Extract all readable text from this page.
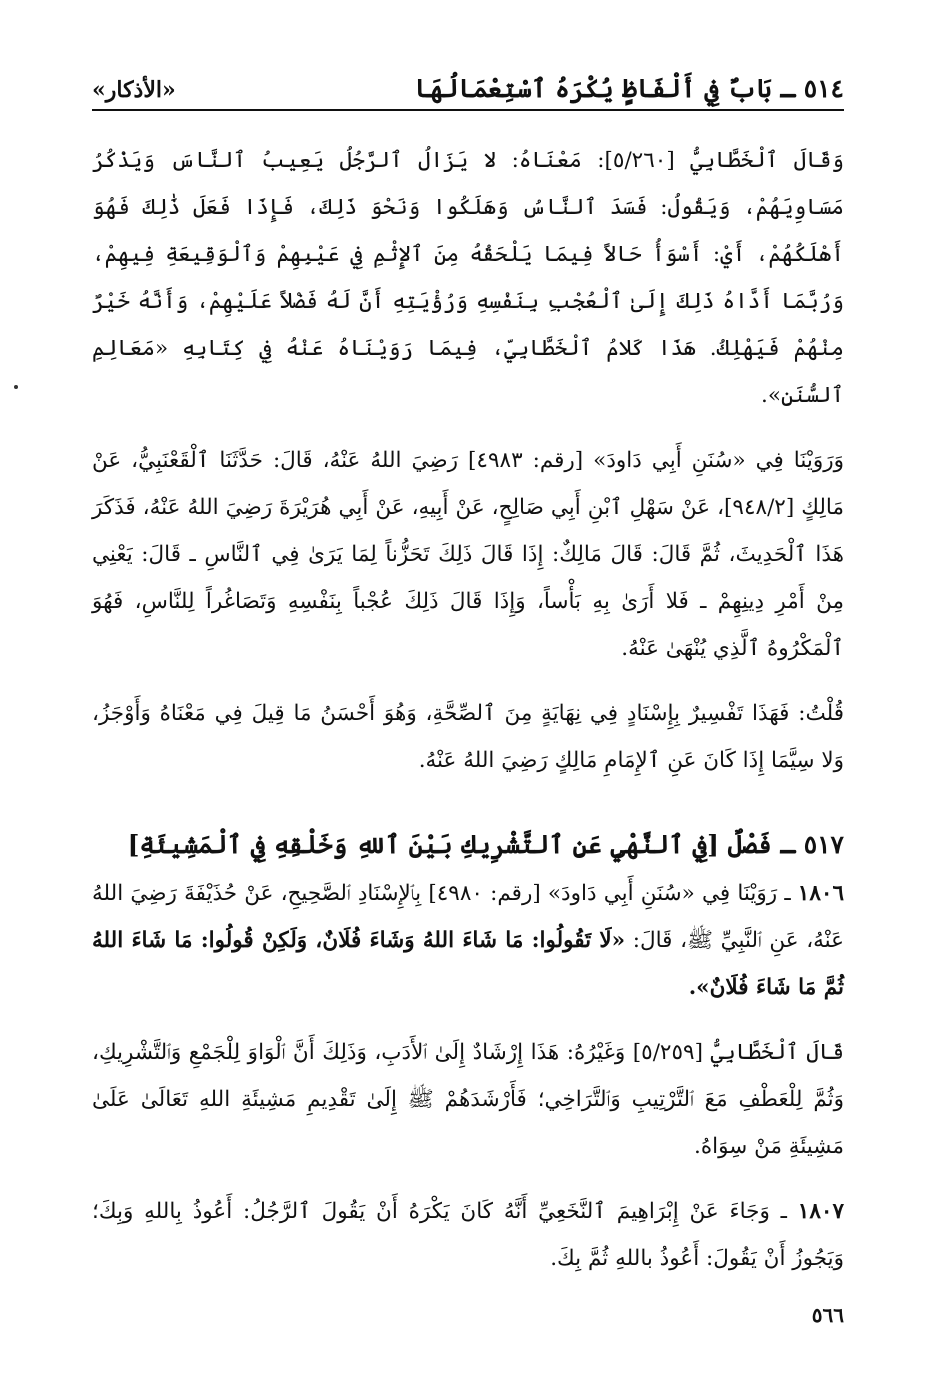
٥١٤ ـ بَابٌ فِي أَلْفَاظٍ يُكْرَهُ ٱسْتِعْمَالُهَا
«الأذكار»

وَقَالَ ٱلْخَطَّابِيُّ [٥/٢٦٠]: مَعْنَاهُ: لا يَزَالُ ٱلرَّجُلُ يَعِيبُ ٱلنَّاسَ وَيَذْكُرُ مَسَاوِيَهُمْ، وَيَقُولُ: فَسَدَ ٱلنَّاسُ وَهَلَكُوا وَنَحْوَ ذَلِكَ، فَإِذَا فَعَلَ ذَٰلِكَ فَهُوَ أَهْلَكُهُمْ، أَيْ: أَسْوَأُ حَالاً فِيمَا يَلْحَقُهُ مِنَ ٱلإِثْمِ فِي عَيْبِهِمْ وَٱلْوَقِيعَةِ فِيهِمْ، وَرُبَّمَا أَدَّاهُ ذَلِكَ إِلَىٰ ٱلْعُجْبِ بِنَفْسِهِ وَرُؤْيَتِهِ أَنَّ لَهُ فَضْلاً عَلَيْهِمْ، وَأَنَّهُ خَيْرٌ مِنْهُمْ فَيَهْلِكُ. هَذَا كَلامُ ٱلْخَطَّابِيِّ، فِيمَا رَوَيْنَاهُ عَنْهُ فِي كِتَابِهِ «مَعَالِمِ ٱلسُّنَنِ».

وَرَوَيْنَا فِي «سُنَنِ أَبِي دَاودَ» [رقم: ٤٩٨٣] رَضِيَ اللهُ عَنْهُ، قَالَ: حَدَّثَنَا ٱلْقَعْنَبِيُّ، عَنْ مَالِكٍ [٩٤٨/٢]، عَنْ سَهْلِ ٱبْنِ أَبِي صَالِحٍ، عَنْ أَبِيهِ، عَنْ أَبِي هُرَيْرَةَ رَضِيَ اللهُ عَنْهُ، فَذَكَرَ هَذَا ٱلْحَدِيثَ، ثُمَّ قَالَ: قَالَ مَالِكٌ: إِذَا قَالَ ذَلِكَ تَحَزُّناً لِمَا يَرَىٰ فِي ٱلنَّاسِ ـ قَالَ: يَعْنِي مِنْ أَمْرِ دِينِهِمْ ـ فَلا أَرَىٰ بِهِ بَأْساً، وَإِذَا قَالَ ذَلِكَ عُجْباً بِنَفْسِهِ وَتَصَاغُراً لِلنَّاسِ، فَهُوَ ٱلْمَكْرُوهُ ٱلَّذِي يُنْهَىٰ عَنْهُ.

قُلْتُ: فَهَذَا تَفْسِيرٌ بِإِسْنَادٍ فِي نِهَايَةٍ مِنَ ٱلصِّحَّةِ، وَهُوَ أَحْسَنُ مَا قِيلَ فِي مَعْنَاهُ وَأَوْجَزُ، وَلا سِيَّمَا إِذَا كَانَ عَنِ ٱلإِمَامِ مَالِكٍ رَضِيَ اللهُ عَنْهُ.

٥١٧ ـ فَصْلٌ [فِي ٱلنَّهْيِ عَنِ ٱلتَّشْرِيكِ بَيْنَ ٱللهِ وَخَلْقِهِ فِي ٱلْمَشِيئَةِ]

١٨٠٦ ـ رَوَيْنَا فِي «سُنَنِ أَبِي دَاودَ» [رقم: ٤٩٨٠] بِٱلإِسْنَادِ ٱلصَّحِيحِ، عَنْ حُذَيْفَةَ رَضِيَ اللهُ عَنْهُ، عَنِ ٱلنَّبِيِّ ﷺ، قَالَ: «لَا تَقُولُوا: مَا شَاءَ اللهُ وَشَاءَ فُلَانٌ، وَلَكِنْ قُولُوا: مَا شَاءَ اللهُ ثُمَّ مَا شَاءَ فُلَانٌ».

قَالَ ٱلْخَطَّابِيُّ [٥/٢٥٩] وَغَيْرُهُ: هَذَا إِرْشَادٌ إِلَىٰ ٱلأَدَبِ، وَذَلِكَ أَنَّ ٱلْوَاوَ لِلْجَمْعِ وَٱلتَّشْرِيكِ، وَثُمَّ لِلْعَطْفِ مَعَ ٱلتَّرْتِيبِ وَٱلتَّرَاخِي؛ فَأَرْشَدَهُمْ ﷺ إِلَىٰ تَقْدِيمِ مَشِيئَةِ اللهِ تَعَالَىٰ عَلَىٰ مَشِيئَةِ مَنْ سِوَاهُ.

١٨٠٧ ـ وَجَاءَ عَنْ إِبْرَاهِيمَ ٱلنَّخَعِيِّ أَنَّهُ كَانَ يَكْرَهُ أَنْ يَقُولَ ٱلرَّجُلُ: أَعُوذُ بِاللهِ وَبِكَ؛ وَيَجُوزُ أَنْ يَقُولَ: أَعُوذُ باللهِ ثُمَّ بِكَ.

٥٦٦
